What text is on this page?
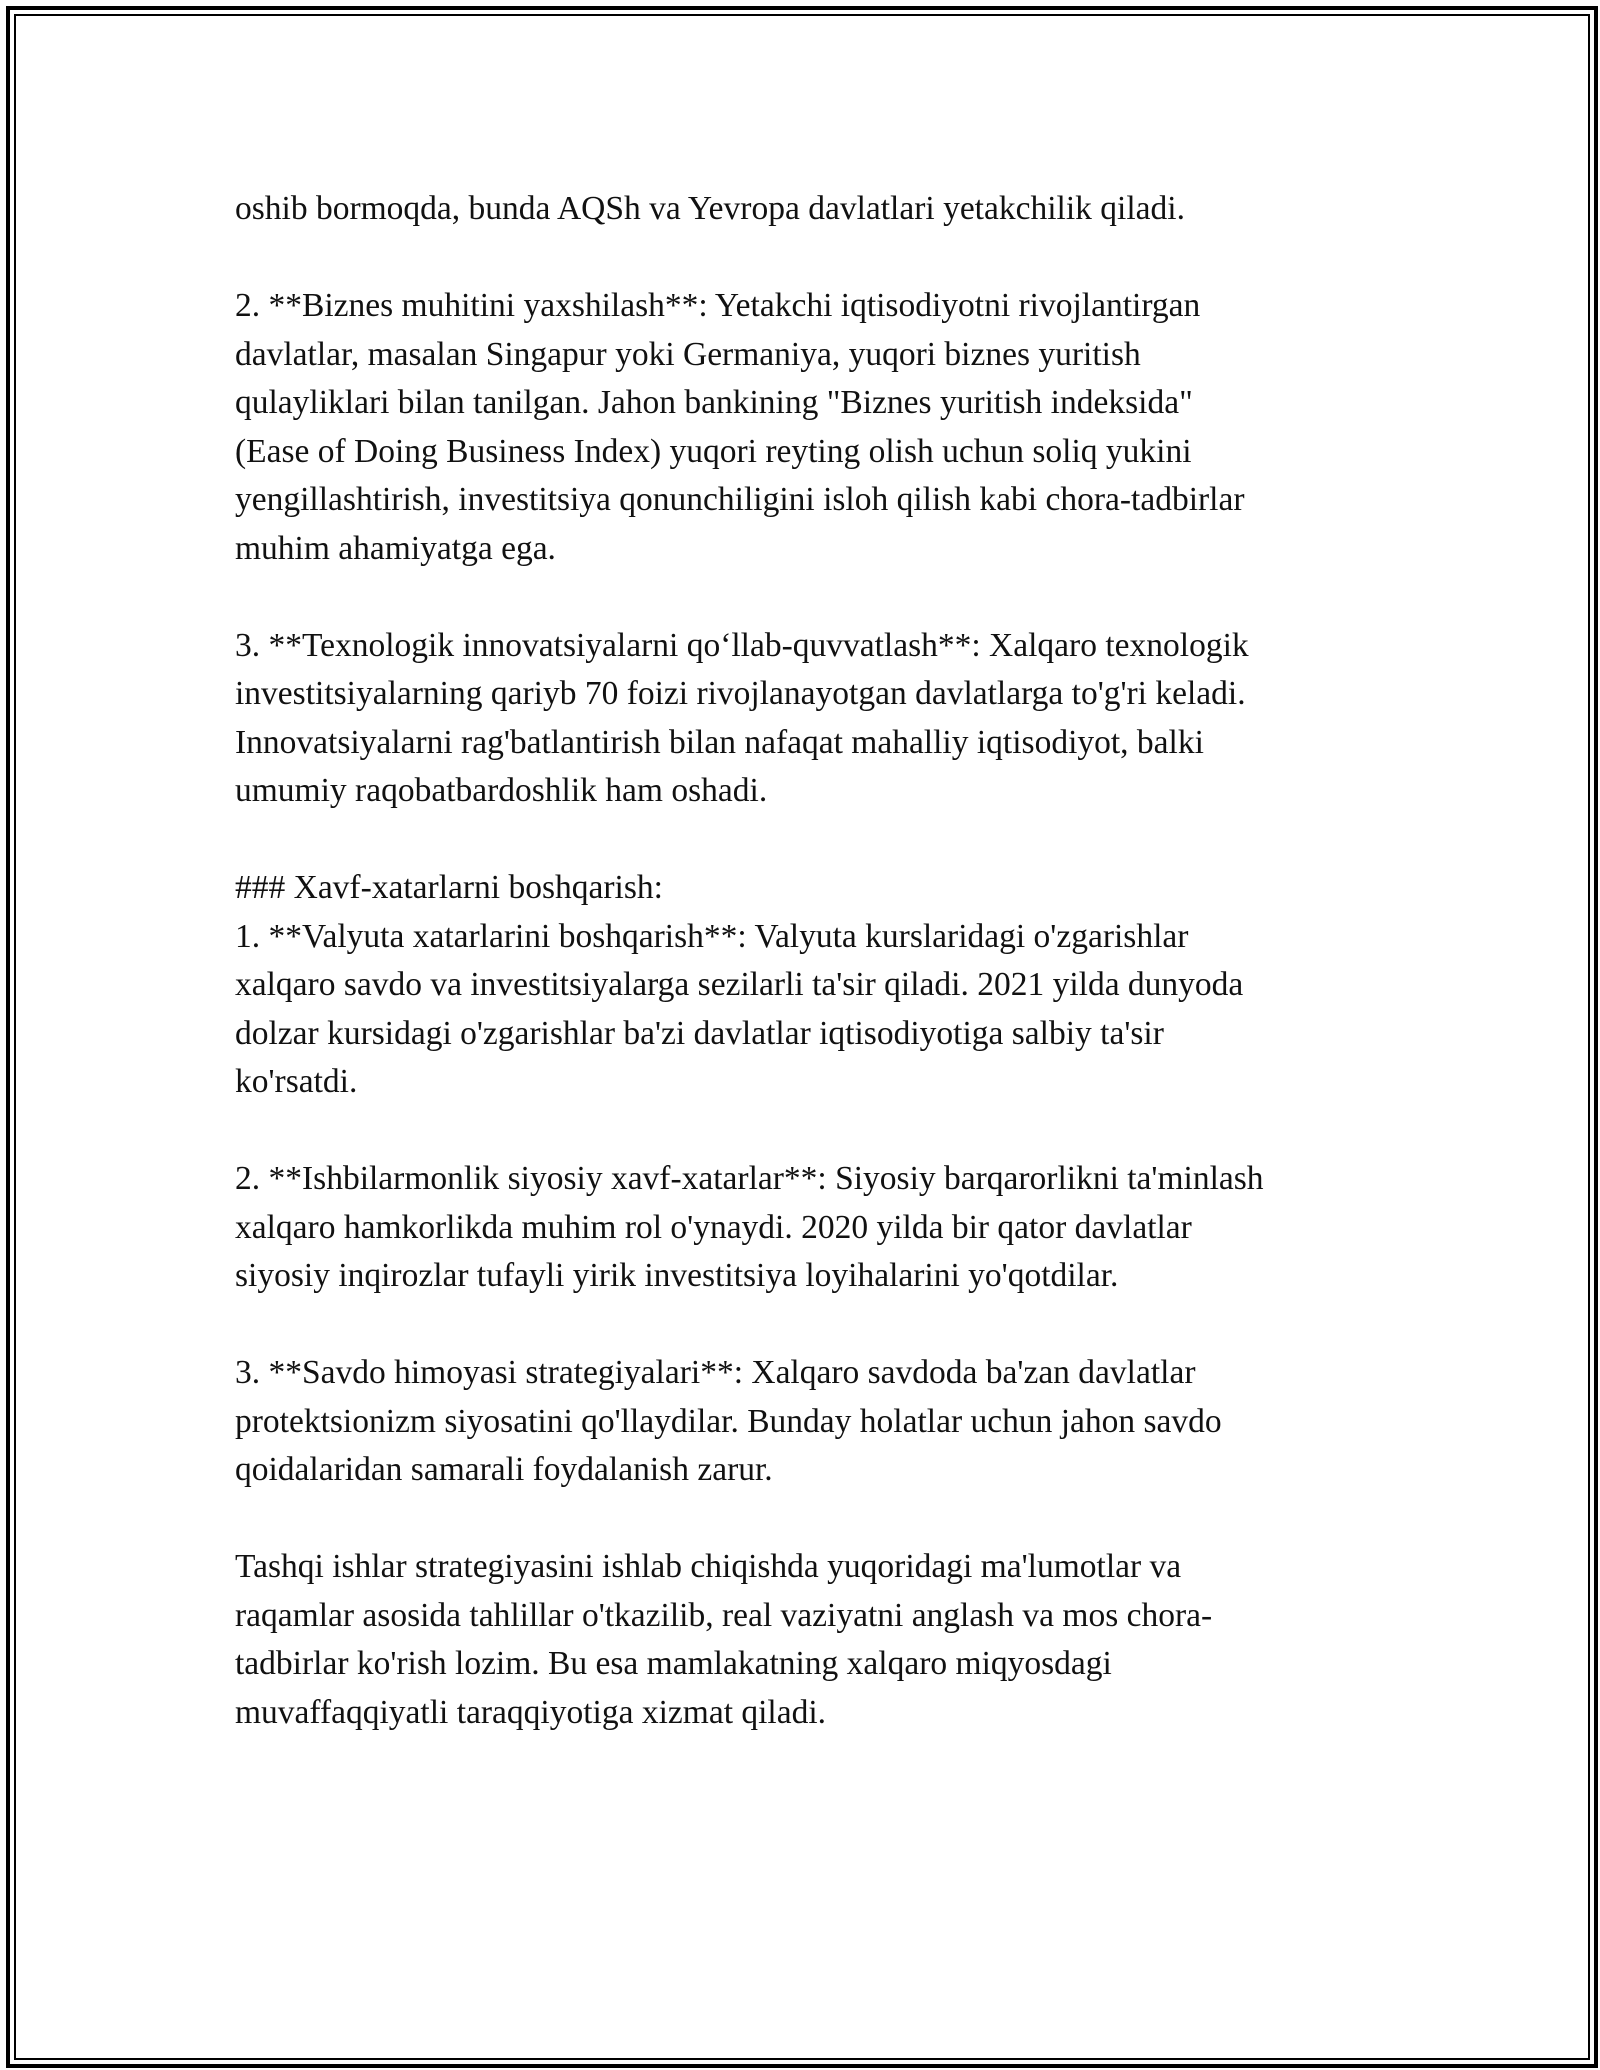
oshib bormoqda, bunda AQSh va Yevropa davlatlari yetakchilik qiladi.

2. **Biznes muhitini yaxshilash**: Yetakchi iqtisodiyotni rivojlantirgan
davlatlar, masalan Singapur yoki Germaniya, yuqori biznes yuritish
qulayliklari bilan tanilgan. Jahon bankining "Biznes yuritish indeksida"
(Ease of Doing Business Index) yuqori reyting olish uchun soliq yukini
yengillashtirish, investitsiya qonunchiligini isloh qilish kabi chora-tadbirlar
muhim ahamiyatga ega.

3. **Texnologik innovatsiyalarni qo‘llab-quvvatlash**: Xalqaro texnologik
investitsiyalarning qariyb 70 foizi rivojlanayotgan davlatlarga to'g'ri keladi.
Innovatsiyalarni rag'batlantirish bilan nafaqat mahalliy iqtisodiyot, balki
umumiy raqobatbardoshlik ham oshadi.

### Xavf-xatarlarni boshqarish:

1. **Valyuta xatarlarini boshqarish**: Valyuta kurslaridagi o'zgarishlar
xalqaro savdo va investitsiyalarga sezilarli ta'sir qiladi. 2021 yilda dunyoda
dolzar kursidagi o'zgarishlar ba'zi davlatlar iqtisodiyotiga salbiy ta'sir
ko'rsatdi.

2. **Ishbilarmonlik siyosiy xavf-xatarlar**: Siyosiy barqarorlikni ta'minlash
xalqaro hamkorlikda muhim rol o'ynaydi. 2020 yilda bir qator davlatlar
siyosiy inqirozlar tufayli yirik investitsiya loyihalarini yo'qotdilar.

3. **Savdo himoyasi strategiyalari**: Xalqaro savdoda ba'zan davlatlar
protektsionizm siyosatini qo'llaydilar. Bunday holatlar uchun jahon savdo
qoidalaridan samarali foydalanish zarur.

Tashqi ishlar strategiyasini ishlab chiqishda yuqoridagi ma'lumotlar va
raqamlar asosida tahlillar o'tkazilib, real vaziyatni anglash va mos chora-
tadbirlar ko'rish lozim. Bu esa mamlakatning xalqaro miqyosdagi
muvaffaqqiyatli taraqqiyotiga xizmat qiladi.
